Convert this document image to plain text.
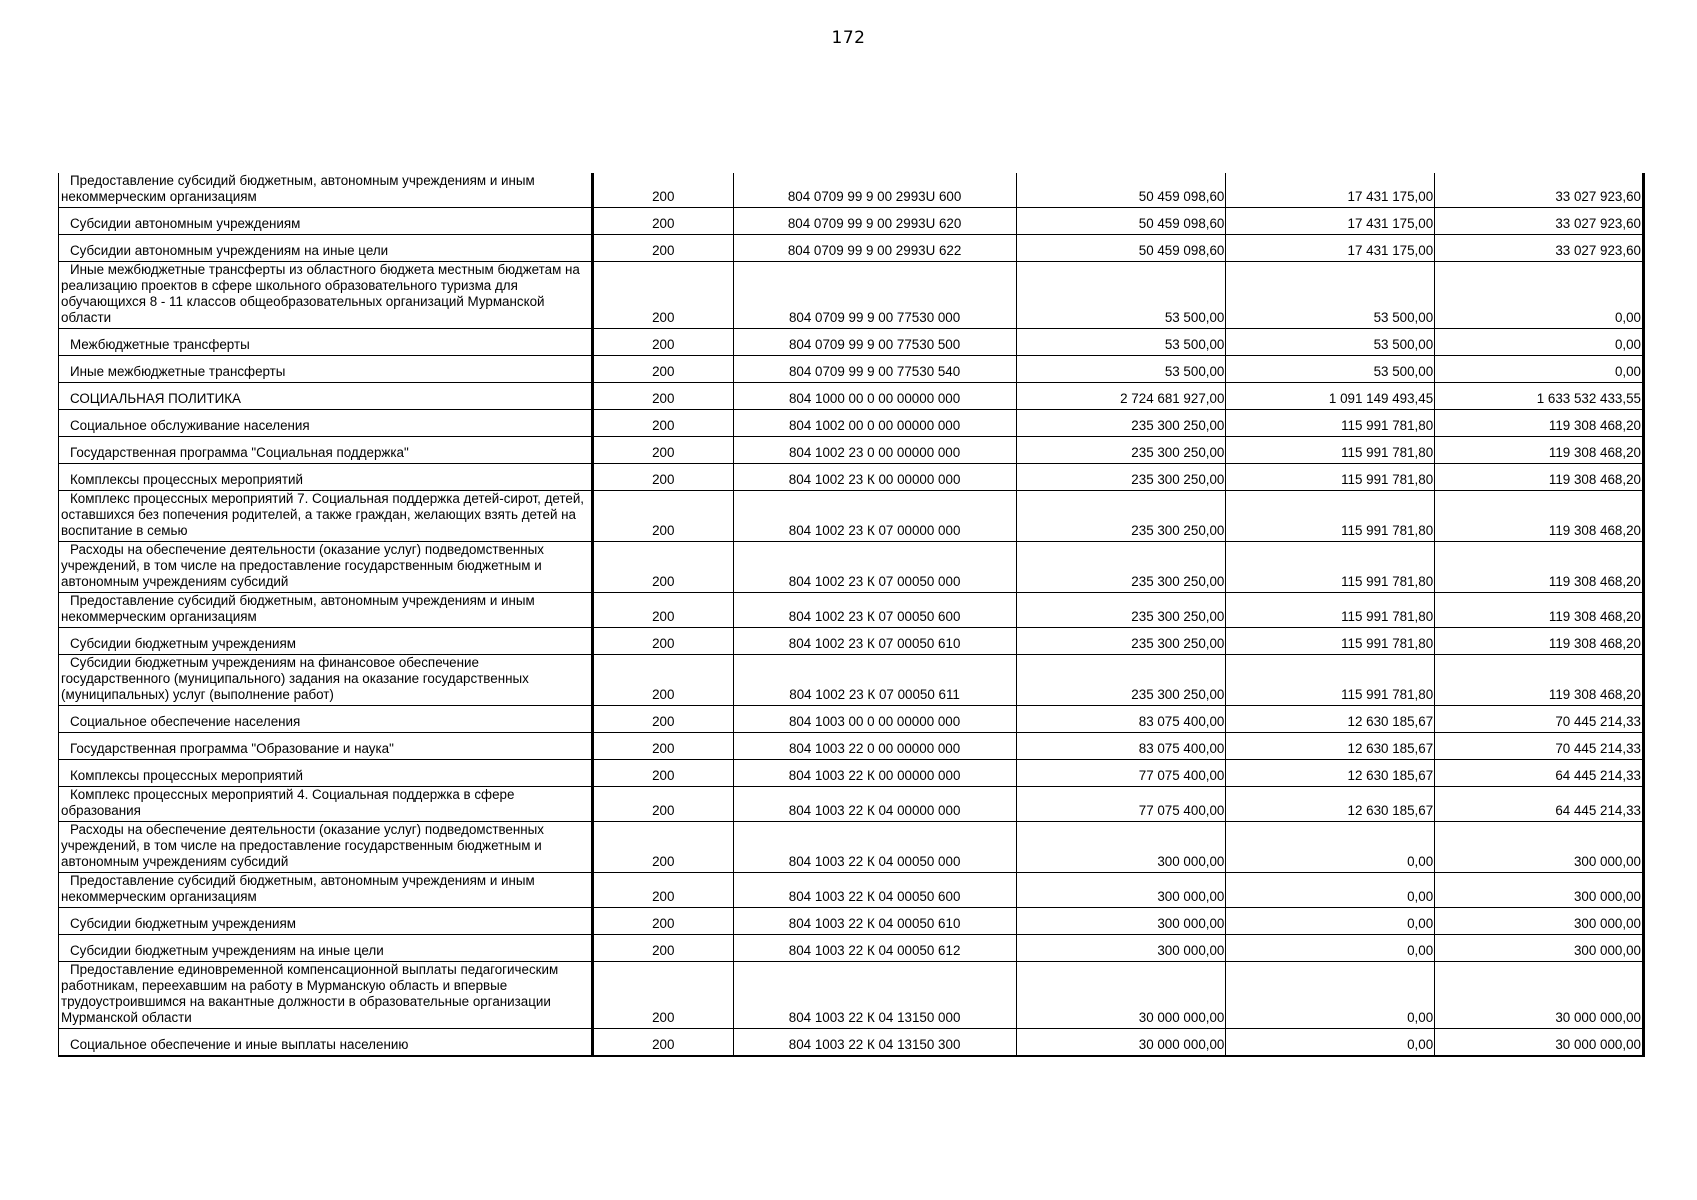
172
Предоставление субсидий бюджетным, автономным учреждениям и иным некоммерческим организациям	200	804 0709 99 9 00 2993U 600	50 459 098,60	17 431 175,00	33 027 923,60
Субсидии автономным учреждениям	200	804 0709 99 9 00 2993U 620	50 459 098,60	17 431 175,00	33 027 923,60
Субсидии автономным учреждениям на иные цели	200	804 0709 99 9 00 2993U 622	50 459 098,60	17 431 175,00	33 027 923,60
Иные межбюджетные трансферты из областного бюджета местным бюджетам на реализацию проектов в сфере школьного образовательного туризма для обучающихся 8 - 11 классов общеобразовательных организаций Мурманской области	200	804 0709 99 9 00 77530 000	53 500,00	53 500,00	0,00
Межбюджетные трансферты	200	804 0709 99 9 00 77530 500	53 500,00	53 500,00	0,00
Иные межбюджетные трансферты	200	804 0709 99 9 00 77530 540	53 500,00	53 500,00	0,00
СОЦИАЛЬНАЯ ПОЛИТИКА	200	804 1000 00 0 00 00000 000	2 724 681 927,00	1 091 149 493,45	1 633 532 433,55
Социальное обслуживание населения	200	804 1002 00 0 00 00000 000	235 300 250,00	115 991 781,80	119 308 468,20
Государственная программа "Социальная поддержка"	200	804 1002 23 0 00 00000 000	235 300 250,00	115 991 781,80	119 308 468,20
Комплексы процессных мероприятий	200	804 1002 23 К 00 00000 000	235 300 250,00	115 991 781,80	119 308 468,20
Комплекс процессных мероприятий 7. Социальная поддержка детей-сирот, детей, оставшихся без попечения родителей, а также граждан, желающих взять детей на воспитание в семью	200	804 1002 23 К 07 00000 000	235 300 250,00	115 991 781,80	119 308 468,20
Расходы на обеспечение деятельности (оказание услуг) подведомственных учреждений, в том числе на предоставление государственным бюджетным и автономным учреждениям субсидий	200	804 1002 23 К 07 00050 000	235 300 250,00	115 991 781,80	119 308 468,20
Предоставление субсидий бюджетным, автономным учреждениям и иным некоммерческим организациям	200	804 1002 23 К 07 00050 600	235 300 250,00	115 991 781,80	119 308 468,20
Субсидии бюджетным учреждениям	200	804 1002 23 К 07 00050 610	235 300 250,00	115 991 781,80	119 308 468,20
Субсидии бюджетным учреждениям на финансовое обеспечение государственного (муниципального) задания на оказание государственных (муниципальных) услуг (выполнение работ)	200	804 1002 23 К 07 00050 611	235 300 250,00	115 991 781,80	119 308 468,20
Социальное обеспечение населения	200	804 1003 00 0 00 00000 000	83 075 400,00	12 630 185,67	70 445 214,33
Государственная программа "Образование и наука"	200	804 1003 22 0 00 00000 000	83 075 400,00	12 630 185,67	70 445 214,33
Комплексы процессных мероприятий	200	804 1003 22 К 00 00000 000	77 075 400,00	12 630 185,67	64 445 214,33
Комплекс процессных мероприятий 4. Социальная поддержка в сфере образования	200	804 1003 22 К 04 00000 000	77 075 400,00	12 630 185,67	64 445 214,33
Расходы на обеспечение деятельности (оказание услуг) подведомственных учреждений, в том числе на предоставление государственным бюджетным и автономным учреждениям субсидий	200	804 1003 22 К 04 00050 000	300 000,00	0,00	300 000,00
Предоставление субсидий бюджетным, автономным учреждениям и иным некоммерческим организациям	200	804 1003 22 К 04 00050 600	300 000,00	0,00	300 000,00
Субсидии бюджетным учреждениям	200	804 1003 22 К 04 00050 610	300 000,00	0,00	300 000,00
Субсидии бюджетным учреждениям на иные цели	200	804 1003 22 К 04 00050 612	300 000,00	0,00	300 000,00
Предоставление единовременной компенсационной выплаты педагогическим работникам, переехавшим на работу в Мурманскую область и впервые трудоустроившимся на вакантные должности в образовательные организации Мурманской области	200	804 1003 22 К 04 13150 000	30 000 000,00	0,00	30 000 000,00
Социальное обеспечение и иные выплаты населению	200	804 1003 22 К 04 13150 300	30 000 000,00	0,00	30 000 000,00
